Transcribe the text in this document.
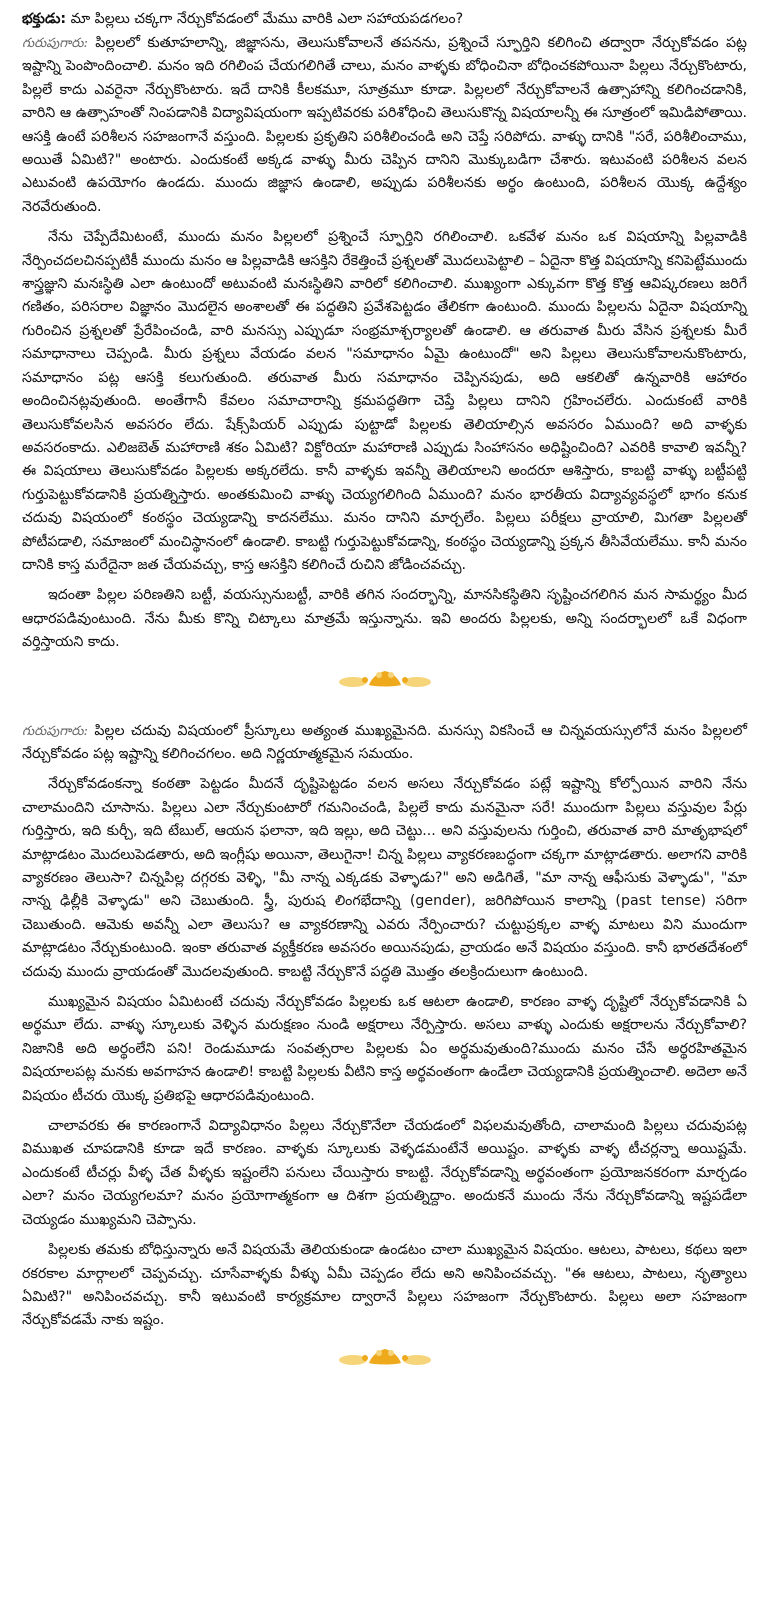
భక్తుడు: మా పిల్లలు చక్కగా నేర్చుకోవడంలో మేము వారికి ఎలా సహాయపడగలం?

గురుపుగారు: పిల్లలలో కుతూహలాన్ని, జిజ్ఞాసను, తెలుసుకోవాలనే తపనను, ప్రశ్నించే స్ఫూర్తిని కలిగించి తద్వారా నేర్చుకోవడం పట్ల ఇష్టాన్ని పెంపొందించాలి. మనం ఇది రగిలింప చేయగలిగితే చాలు, మనం వాళ్ళకు బోధించినా బోధించకపోయినా పిల్లలు నేర్చుకొంటారు, పిల్లలే కాదు ఎవరైనా నేర్చుకొంటారు. ఇదే దానికి కీలకమూ, సూత్రమూ కూడా. పిల్లలలో నేర్చుకోవాలనే ఉత్సాహాన్ని కలిగించడానికి, వారిని ఆ ఉత్సాహంతో నింపడానికి విద్యావిషయంగా ఇప్పటివరకు పరిశోధించి తెలుసుకొన్న విషయాలన్నీ ఈ సూత్రంలో ఇమిడిపోతాయి. ఆసక్తి ఉంటే పరిశీలన సహజంగానే వస్తుంది. పిల్లలకు ప్రకృతిని పరిశీలించండి అని చెప్తే సరిపోదు. వాళ్ళు దానికి "సరే, పరిశీలించాము, అయితే ఏమిటి?" అంటారు. ఎందుకంటే అక్కడ వాళ్ళు మీరు చెప్పిన దానిని మొక్కుబడిగా చేశారు. ఇటువంటి పరిశీలన వలన ఎటువంటి ఉపయోగం ఉండదు. ముందు జిజ్ఞాస ఉండాలి, అప్పుడు పరిశీలనకు అర్థం ఉంటుంది, పరిశీలన యొక్క ఉద్దేశ్యం నెరవేరుతుంది.

నేను చెప్పేదేమిటంటే, ముందు మనం పిల్లలలో ప్రశ్నించే స్ఫూర్తిని రగిలించాలి. ఒకవేళ మనం ఒక విషయాన్ని పిల్లవాడికి నేర్పించదలచినప్పటికీ ముందు మనం ఆ పిల్లవాడికి ఆసక్తిని రేకెత్తించే ప్రశ్నలతో మొదలుపెట్టాలి – ఏదైనా కొత్త విషయాన్ని కనిపెట్టేముందు శాస్త్రజ్ఞుని మనఃస్థితి ఎలా ఉంటుందో అటువంటి మనఃస్థితిని వారిలో కలిగించాలి. ముఖ్యంగా ఎక్కువగా కొత్త కొత్త ఆవిష్కరణలు జరిగే గణితం, పరిసరాల విజ్ఞానం మొదలైన అంశాలతో ఈ పద్ధతిని ప్రవేశపెట్టడం తేలికగా ఉంటుంది. ముందు పిల్లలను ఏదైనా విషయాన్ని గురించిన ప్రశ్నలతో ప్రేరేపించండి, వారి మనస్సు ఎప్పుడూ సంభ్రమాశ్చర్యాలతో ఉండాలి. ఆ తరువాత మీరు వేసిన ప్రశ్నలకు మీరే సమాధానాలు చెప్పండి. మీరు ప్రశ్నలు వేయడం వలన "సమాధానం ఏమై ఉంటుందో" అని పిల్లలు తెలుసుకోవాలనుకొంటారు, సమాధానం పట్ల ఆసక్తి కలుగుతుంది. తరువాత మీరు సమాధానం చెప్పినపుడు, అది ఆకలితో ఉన్నవారికి ఆహారం అందించినట్లవుతుంది. అంతేగానీ కేవలం సమాచారాన్ని క్రమపద్ధతిగా చెప్తే పిల్లలు దానిని గ్రహించలేరు. ఎందుకంటే వారికి తెలుసుకోవలసిన అవసరం లేదు. షేక్స్‌పియర్ ఎప్పుడు పుట్టాడో పిల్లలకు తెలియాల్సిన అవసరం ఏముంది? అది వాళ్ళకు అవసరంకాదు. ఎలిజబెత్ మహారాణి శకం ఏమిటి? విక్టోరియా మహారాణి ఎప్పుడు సింహాసనం అధిష్టించింది? ఎవరికి కావాలి ఇవన్నీ? ఈ విషయాలు తెలుసుకోవడం పిల్లలకు అక్కరలేదు. కానీ వాళ్ళకు ఇవన్నీ తెలియాలని అందరూ ఆశిస్తారు, కాబట్టి వాళ్ళు బట్టీపట్టి గుర్తుపెట్టుకోవడానికి ప్రయత్నిస్తారు. అంతకుమించి వాళ్ళు చెయ్యగలిగింది ఏముంది? మనం భారతీయ విద్యావ్యవస్థలో భాగం కనుక చదువు విషయంలో కంఠస్థం చెయ్యడాన్ని కాదనలేము. మనం దానిని మార్చలేం. పిల్లలు పరీక్షలు వ్రాయాలి, మిగతా పిల్లలతో పోటీపడాలి, సమాజంలో మంచిస్థానంలో ఉండాలి. కాబట్టి గుర్తుపెట్టుకోవడాన్ని, కంఠస్థం చెయ్యడాన్ని ప్రక్కన తీసివేయలేము. కానీ మనం దానికి కాస్త మరేదైనా జత చేయవచ్చు, కాస్త ఆసక్తిని కలిగించే రుచిని జోడించవచ్చు.

ఇదంతా పిల్లల పరిణతిని బట్టీ, వయస్సునుబట్టీ, వారికి తగిన సందర్భాన్ని, మానసికస్థితిని సృష్టించగలిగిన మన సామర్థ్యం మీద ఆధారపడివుంటుంది. నేను మీకు కొన్ని చిట్కాలు మాత్రమే ఇస్తున్నాను. ఇవి అందరు పిల్లలకు, అన్ని సందర్భాలలో ఒకే విధంగా వర్తిస్తాయని కాదు.

గురుపుగారు: పిల్లల చదువు విషయంలో ప్రీస్కూలు అత్యంత ముఖ్యమైనది. మనస్సు వికసించే ఆ చిన్నవయస్సులోనే మనం పిల్లలలో నేర్చుకోవడం పట్ల ఇష్టాన్ని కలిగించగలం. అది నిర్ణయాత్మకమైన సమయం.

నేర్చుకోవడంకన్నా కంఠతా పెట్టడం మీదనే దృష్టిపెట్టడం వలన అసలు నేర్చుకోవడం పట్లే ఇష్టాన్ని కోల్పోయిన వారిని నేను చాలామందిని చూసాను. పిల్లలు ఎలా నేర్చుకుంటారో గమనించండి, పిల్లలే కాదు మనమైనా సరే! ముందుగా పిల్లలు వస్తువుల పేర్లు గుర్తిస్తారు, ఇది కుర్చీ, ఇది టేబుల్, ఆయన ఫలానా, ఇది ఇల్లు, అది చెట్టు... అని వస్తువులను గుర్తించి, తరువాత వారి మాతృభాషలో మాట్లాడటం మొదలుపెడతారు, అది ఇంగ్లీషు అయినా, తెలుగైనా! చిన్న పిల్లలు వ్యాకరణబద్ధంగా చక్కగా మాట్లాడతారు. అలాగని వారికి వ్యాకరణం తెలుసా? చిన్నపిల్ల దగ్గరకు వెళ్ళి, "మీ నాన్న ఎక్కడకు వెళ్ళాడు?" అని అడిగితే, "మా నాన్న ఆఫీసుకు వెళ్ళాడు", "మా నాన్న ఢిల్లీకి వెళ్ళాడు" అని చెబుతుంది. స్త్రీ, పురుష లింగభేదాన్ని (gender), జరిగిపోయిన కాలాన్ని (past tense) సరిగా చెబుతుంది. ఆమెకు అవన్నీ ఎలా తెలుసు? ఆ వ్యాకరణాన్ని ఎవరు నేర్పించారు? చుట్టుప్రక్కల వాళ్ళ మాటలు విని ముందుగా మాట్లాడటం నేర్చుకుంటుంది. ఇంకా తరువాత వ్యక్తీకరణ అవసరం అయినపుడు, వ్రాయడం అనే విషయం వస్తుంది. కానీ భారతదేశంలో చదువు ముందు వ్రాయడంతో మొదలవుతుంది. కాబట్టి నేర్చుకొనే పద్ధతి మొత్తం తలక్రిందులుగా ఉంటుంది.

ముఖ్యమైన విషయం ఏమిటంటే చదువు నేర్చుకోవడం పిల్లలకు ఒక ఆటలా ఉండాలి, కారణం వాళ్ళ దృష్టిలో నేర్చుకోవడానికి ఏ అర్థమూ లేదు. వాళ్ళు స్కూలుకు వెళ్ళిన మరుక్షణం నుండి అక్షరాలు నేర్పిస్తారు. అసలు వాళ్ళు ఎందుకు అక్షరాలను నేర్చుకోవాలి? నిజానికి అది అర్థంలేని పని! రెండుమూడు సంవత్సరాల పిల్లలకు ఏం అర్థమవుతుంది?ముందు మనం చేసే అర్థరహితమైన విషయాలపట్ల మనకు అవగాహన ఉండాలి! కాబట్టి పిల్లలకు వీటిని కాస్త అర్థవంతంగా ఉండేలా చెయ్యడానికి ప్రయత్నించాలి. అదెలా అనే విషయం టీచరు యొక్క ప్రతిభపై ఆధారపడివుంటుంది.

చాలావరకు ఈ కారణంగానే విద్యావిధానం పిల్లలు నేర్చుకొనేలా చేయడంలో విఫలమవుతోంది, చాలామంది పిల్లలు చదువుపట్ల విముఖత చూపడానికి కూడా ఇదే కారణం. వాళ్ళకు స్కూలుకు వెళ్ళడమంటేనే అయిష్టం. వాళ్ళకు వాళ్ళ టీచర్లన్నా అయిష్టమే. ఎందుకంటే టీచర్లు వీళ్ళ చేత వీళ్ళకు ఇష్టంలేని పనులు చేయిస్తారు కాబట్టి. నేర్చుకోవడాన్ని అర్థవంతంగా ప్రయోజనకరంగా మార్చడం ఎలా? మనం చెయ్యగలమా? మనం ప్రయోగాత్మకంగా ఆ దిశగా ప్రయత్నిద్దాం. అందుకనే ముందు నేను నేర్చుకోవడాన్ని ఇష్టపడేలా చెయ్యడం ముఖ్యమని చెప్పాను.

పిల్లలకు తమకు బోధిస్తున్నారు అనే విషయమే తెలియకుండా ఉండటం చాలా ముఖ్యమైన విషయం. ఆటలు, పాటలు, కథలు ఇలా రకరకాల మార్గాలలో చెప్పవచ్చు. చూసేవాళ్ళకు వీళ్ళు ఏమీ చెప్పడం లేదు అని అనిపించవచ్చు. "ఈ ఆటలు, పాటలు, నృత్యాలు ఏమిటి?" అనిపించవచ్చు. కానీ ఇటువంటి కార్యక్రమాల ద్వారానే పిల్లలు సహజంగా నేర్చుకొంటారు. పిల్లలు అలా సహజంగా నేర్చుకోవడమే నాకు ఇష్టం.
